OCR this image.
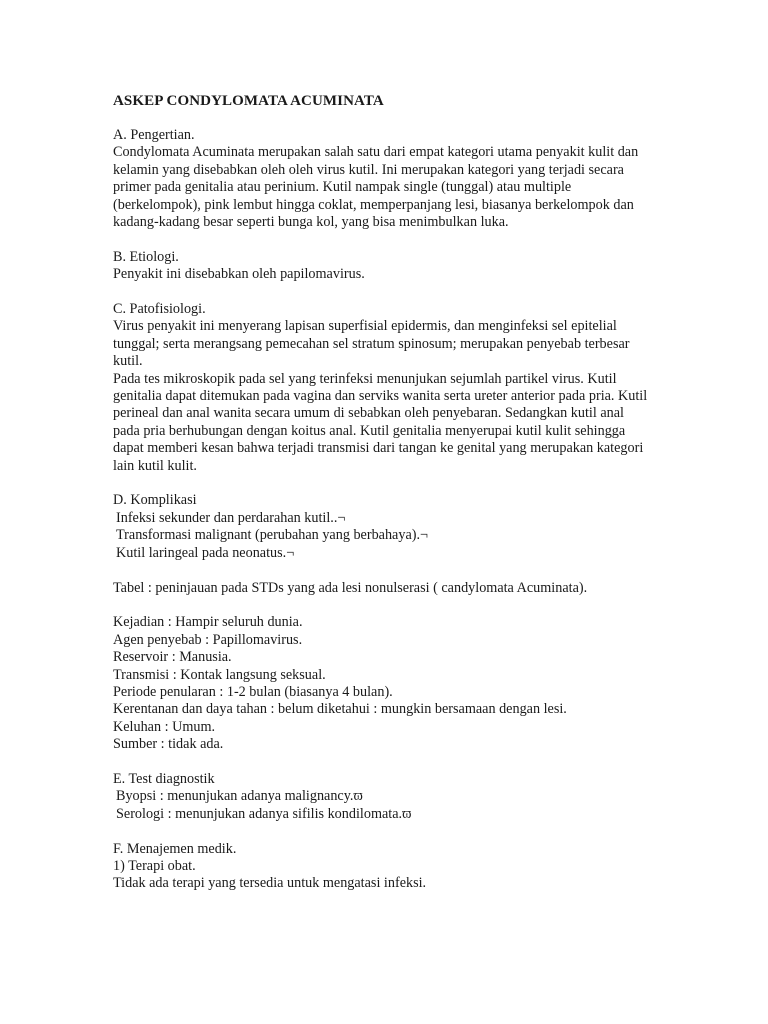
ASKEP CONDYLOMATA ACUMINATA

A. Pengertian.

Condylomata Acuminata merupakan salah satu dari empat kategori utama penyakit kulit dan kelamin yang disebabkan oleh oleh virus kutil. Ini merupakan kategori yang terjadi secara primer pada genitalia atau perinium. Kutil nampak single (tunggal) atau multiple (berkelompok), pink lembut hingga coklat, memperpanjang lesi, biasanya berkelompok dan kadang-kadang besar seperti bunga kol, yang bisa menimbulkan luka.

B. Etiologi.

Penyakit ini disebabkan oleh papilomavirus.

C. Patofisiologi.

Virus penyakit ini menyerang lapisan superfisial epidermis, dan menginfeksi sel epitelial tunggal; serta merangsang pemecahan sel stratum spinosum; merupakan penyebab terbesar kutil.

Pada tes mikroskopik pada sel yang terinfeksi menunjukan sejumlah partikel virus. Kutil genitalia dapat ditemukan pada vagina dan serviks wanita serta ureter anterior pada pria. Kutil perineal dan anal wanita secara umum di sebabkan oleh penyebaran. Sedangkan kutil anal pada pria berhubungan dengan koitus anal. Kutil genitalia menyerupai kutil kulit sehingga dapat memberi kesan bahwa terjadi transmisi dari tangan ke genital yang merupakan kategori lain kutil kulit.

D. Komplikasi

Infeksi sekunder dan perdarahan kutil..¬
Transformasi malignant (perubahan yang berbahaya).¬
Kutil laringeal pada neonatus.¬

Tabel : peninjauan pada STDs yang ada lesi nonulserasi ( candylomata Acuminata).

Kejadian : Hampir seluruh dunia.

Agen penyebab : Papillomavirus.

Reservoir : Manusia.

Transmisi : Kontak langsung seksual.

Periode penularan : 1-2 bulan (biasanya 4 bulan).

Kerentanan dan daya tahan : belum diketahui : mungkin bersamaan dengan lesi.

Keluhan : Umum.

Sumber : tidak ada.

E. Test diagnostik

Byopsi : menunjukan adanya malignancy.ϖ
Serologi : menunjukan adanya sifilis kondilomata.ϖ

F. Menajemen medik.

1) Terapi obat.

Tidak ada terapi yang tersedia untuk mengatasi infeksi.
